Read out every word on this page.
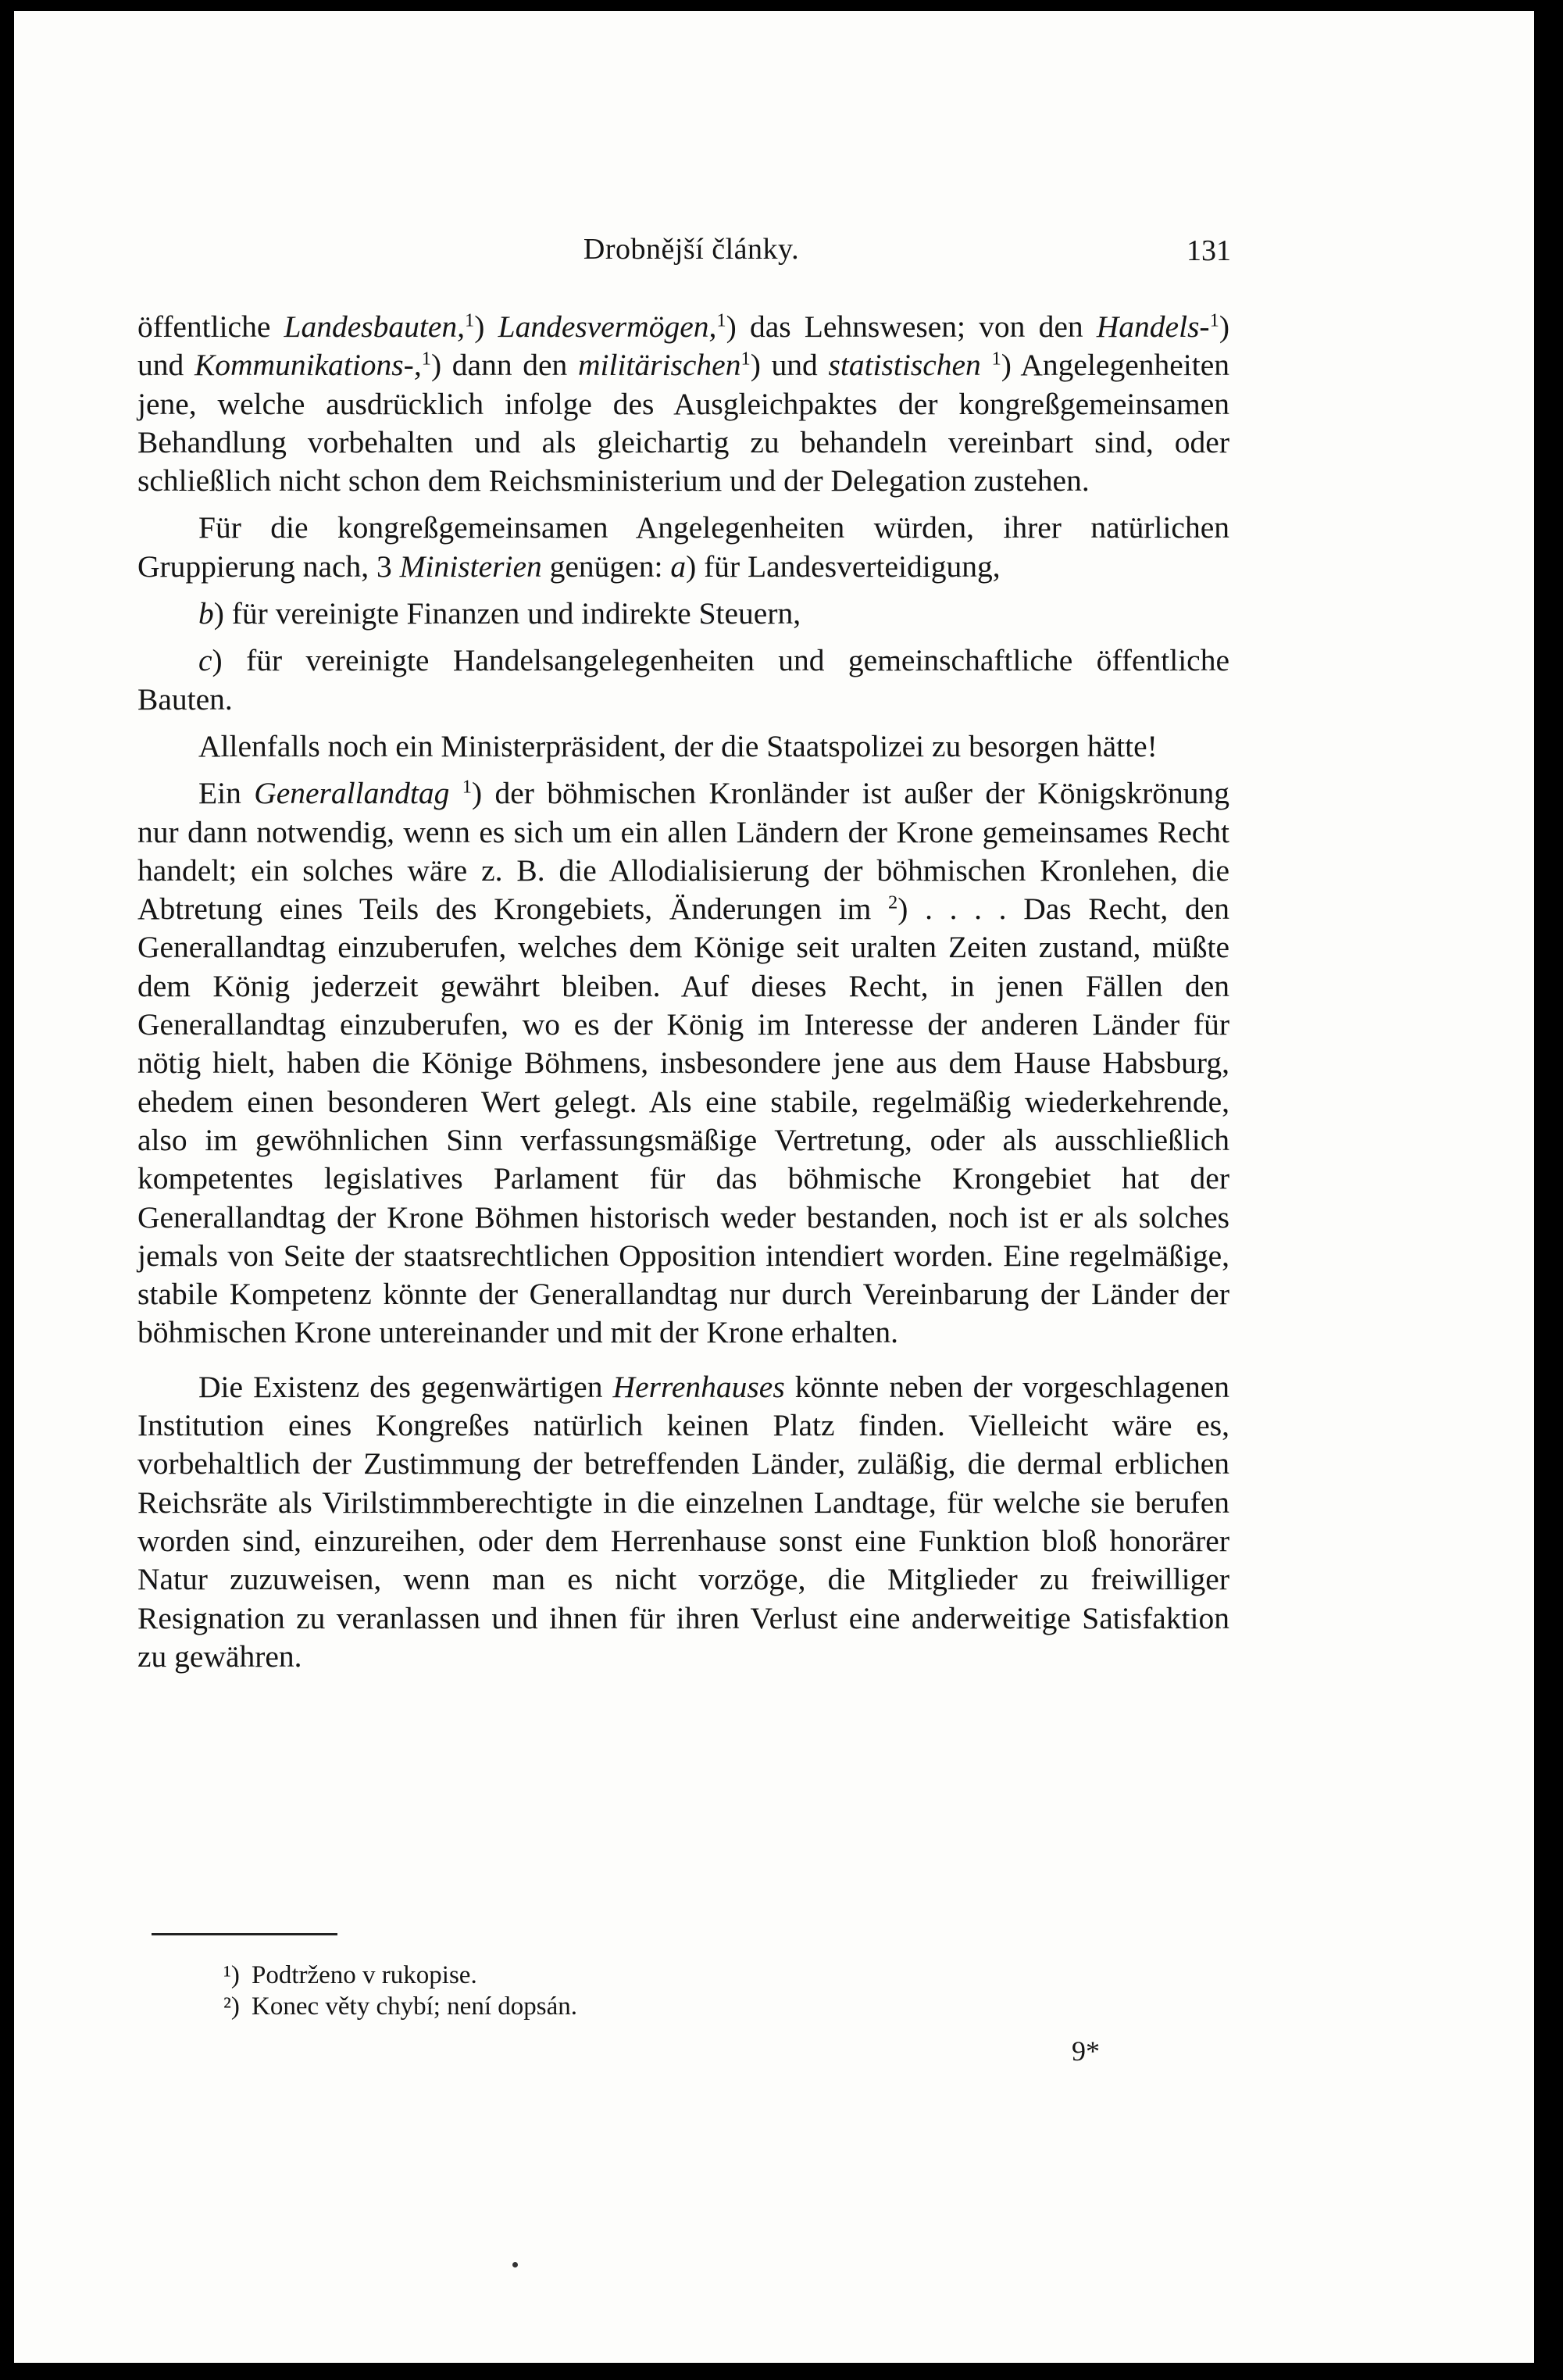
Drobnější články.	131

öffentliche Landesbauten,$^1$) Landesvermögen,$^1$) das Lehnswesen; von den Handels-$^1$) und Kommunikations-,$^1$) dann den militärischen$^1$) und statistischen $^1$) Angelegenheiten jene, welche ausdrücklich infolge des Ausgleichpaktes der kongreßgemeinsamen Behandlung vorbehalten und als gleichartig zu behandeln vereinbart sind, oder schließlich nicht schon dem Reichsministerium und der Delegation zustehen.

Für die kongreßgemeinsamen Angelegenheiten würden, ihrer natürlichen Gruppierung nach, 3 Ministerien genügen: a) für Landesverteidigung,

b) für vereinigte Finanzen und indirekte Steuern,

c) für vereinigte Handelsangelegenheiten und gemeinschaftliche öffentliche Bauten.

Allenfalls noch ein Ministerpräsident, der die Staatspolizei zu besorgen hätte!

Ein Generallandtag $^1$) der böhmischen Kronländer ist außer der Königskrönung nur dann notwendig, wenn es sich um ein allen Ländern der Krone gemeinsames Recht handelt; ein solches wäre z. B. die Allodialisierung der böhmischen Kronlehen, die Abtretung eines Teils des Krongebiets, Änderungen im $^2$) . . . . Das Recht, den Generallandtag einzuberufen, welches dem Könige seit uralten Zeiten zustand, müßte dem König jederzeit gewährt bleiben. Auf dieses Recht, in jenen Fällen den Generallandtag einzuberufen, wo es der König im Interesse der anderen Länder für nötig hielt, haben die Könige Böhmens, insbesondere jene aus dem Hause Habsburg, ehedem einen besonderen Wert gelegt. Als eine stabile, regelmäßig wiederkehrende, also im gewöhnlichen Sinn verfassungsmäßige Vertretung, oder als ausschließlich kompetentes legislatives Parlament für das böhmische Krongebiet hat der Generallandtag der Krone Böhmen historisch weder bestanden, noch ist er als solches jemals von Seite der staatsrechtlichen Opposition intendiert worden. Eine regelmäßige, stabile Kompetenz könnte der Generallandtag nur durch Vereinbarung der Länder der böhmischen Krone untereinander und mit der Krone erhalten.

Die Existenz des gegenwärtigen Herrenhauses könnte neben der vorgeschlagenen Institution eines Kongreßes natürlich keinen Platz finden. Vielleicht wäre es, vorbehaltlich der Zustimmung der betreffenden Länder, zuläßig, die dermal erblichen Reichsräte als Virilstimmberechtigte in die einzelnen Landtage, für welche sie berufen worden sind, einzureihen, oder dem Herrenhause sonst eine Funktion bloß honorärer Natur zuzuweisen, wenn man es nicht vorzöge, die Mitglieder zu freiwilliger Resignation zu veranlassen und ihnen für ihren Verlust eine anderweitige Satisfaktion zu gewähren.

¹) Podtrženo v rukopise.
²) Konec věty chybí; není dopsán.
9*
